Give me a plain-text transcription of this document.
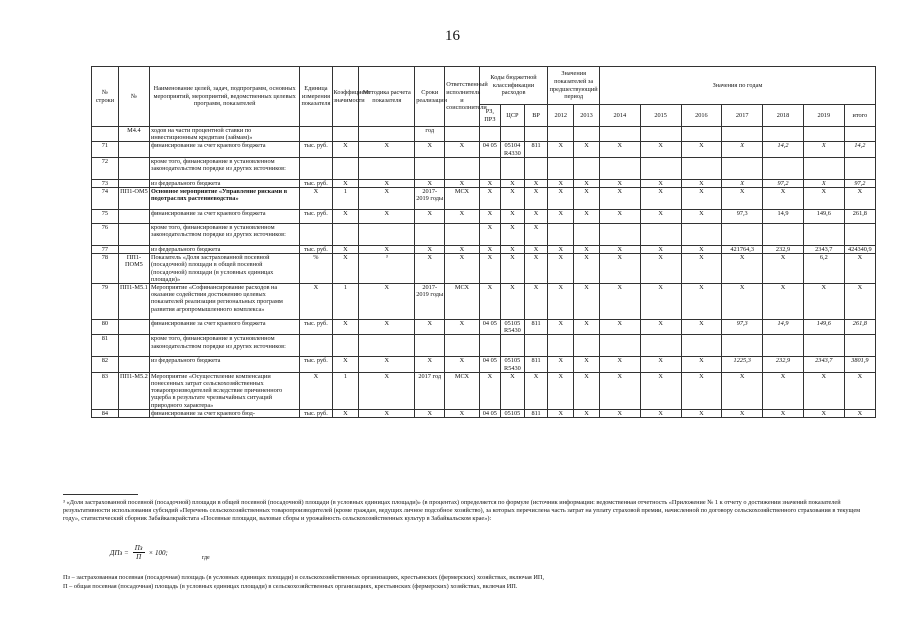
16
№ строки	№	Наименование целей, задач, подпрограмм, основных мероприятий, мероприятий, ведомственных целевых программ, показателей	Единица измерения показателя	Коэффициент значимости	Методика расчета показателя	Сроки реализации	Ответственный исполнитель и соисполнители	Коды бюджетной классификации расходов			Значения показателей за предшествующий период		Значения по годам						
								РЗ, ПРЗ	ЦСР	ВР	2012	2013	2014	2015	2016	2017	2018	2019	итого
	М4.4	ходов на части процентной ставки по инвестиционным кредитам (займам)»				год													
71		финансирование за счет краевого бюджета	тыс. руб.	X	X	X	X	04 05	05104 R4330	811	X	X	X	X	X	X	14,2	X	14,2
72		кроме того, финансирование в установленном законодательством порядке из других источников:																	
73		из федерального бюджета	тыс. руб.	X	X	X	X	X	X	X	X	X	X	X	X	X	97,2	X	97,2
74	ПП1-ОМ5	Основное мероприятие «Управление рисками в подотраслях растениеводства»	X	1	X	2017-2019 годы	МСХ	X	X	X	X	X	X	X	X	X	X	X	X
75		финансирование за счет краевого бюджета	тыс. руб.	X	X	X	X	X	X	X	X	X	X	X	X	97,3	14,9	149,6	261,8
76		кроме того, финансирование в установленном законодательством порядке из других источников:						X	X	X									
77		из федерального бюджета	тыс. руб.	X	X	X	X	X	X	X	X	X	X	X	X	421764,3	232,9	2343,7	424340,9
78	ПП1-ПОМ5	Показатель «Доля застрахованной посевной (посадочной) площади в общей посевной (посадочной) площади (в условных единицах площади)»	%	X	³	X	X	X	X	X	X	X	X	X	X	X	X	6,2	X
79	ПП1-М5.1	Мероприятие «Софинансирование расходов на оказание содействия достижению целевых показателей реализации региональных программ развития агропромышленного комплекса»	X	1	X	2017-2019 годы	МСХ	X	X	X	X	X	X	X	X	X	X	X	X
80		финансирование за счет краевого бюджета	тыс. руб.	X	X	X	X	04 05	05105 R5430	811	X	X	X	X	X	97,3	14,9	149,6	261,8
81		кроме того, финансирование в установленном законодательством порядке из других источников:																	
82		из федерального бюджета	тыс. руб.	X	X	X	X	04 05	05105 R5430	811	X	X	X	X	X	1225,3	232,9	2343,7	3801,9
83	ПП1-М5.2	Мероприятие «Осуществление компенсации понесенных затрат сельскохозяйственных товаропроизводителей вследствие причиненного ущерба в результате чрезвычайных ситуаций природного характера»	X	1	X	2017 год	МСХ	X	X	X	X	X	X	X	X	X	X	X	X
84		финансирование за счет краевого бюд-	тыс. руб.	X	X	X	X	04 05	05105	811	X	X	X	X	X	X	X	X	X
³ «Доля застрахованной посевной (посадочной) площади в общей посевной (посадочной) площади (в условных единицах площади)» (в процентах) определяется по формуле (источник информации: ведомственная отчетность «Приложение № 1 к отчету о достижении значений показателей результативности использования субсидий «Перечень сельскохозяйственных товаропроизводителей (кроме граждан, ведущих личное подсобное хозяйство), за которых перечислена часть затрат на уплату страховой премии, начисленной по договору сельскохозяйственного страхования в текущем году», статистический сборник Забайкалкрайстата «Посевные площади, валовые сборы и урожайность сельскохозяйственных культур в Забайкальском крае»):
ДПз = $\frac{Пз}{П} \times 100$;
где
Пз – застрахованная посевная (посадочная) площадь (в условных единицах площади) в сельскохозяйственных организациях, крестьянских (фермерских) хозяйствах, включая ИП,
П – общая посевная (посадочная) площадь (в условных единицах площади) в сельскохозяйственных организациях, крестьянских (фермерских) хозяйствах, включая ИП.
